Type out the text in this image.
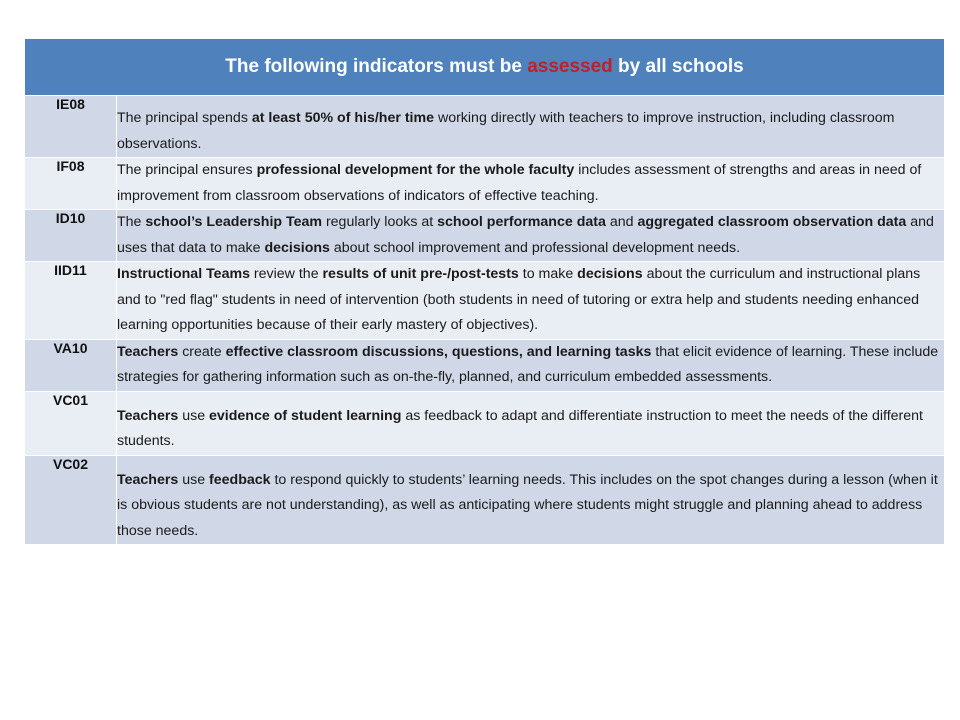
The following indicators must be assessed by all schools	
IE08	The principal spends at least 50% of his/her time working directly with teachers to improve instruction, including classroom observations.
IF08	The principal ensures professional development for the whole faculty includes assessment of strengths and areas in need of improvement from classroom observations of indicators of effective teaching.
ID10	The school’s Leadership Team regularly looks at school performance data and aggregated classroom observation data and uses that data to make decisions about school improvement and professional development needs.
IID11	Instructional Teams review the results of unit pre-/post-tests to make decisions about the curriculum and instructional plans and to "red flag" students in need of intervention (both students in need of tutoring or extra help and students needing enhanced learning opportunities because of their early mastery of objectives).
VA10	Teachers create effective classroom discussions, questions, and learning tasks that elicit evidence of learning. These include strategies for gathering information such as on-the-fly, planned, and curriculum embedded assessments.
VC01	Teachers use evidence of student learning as feedback to adapt and differentiate instruction to meet the needs of the different students.
VC02	Teachers use feedback to respond quickly to students’ learning needs. This includes on the spot changes during a lesson (when it is obvious students are not understanding), as well as anticipating where students might struggle and planning ahead to address those needs.
